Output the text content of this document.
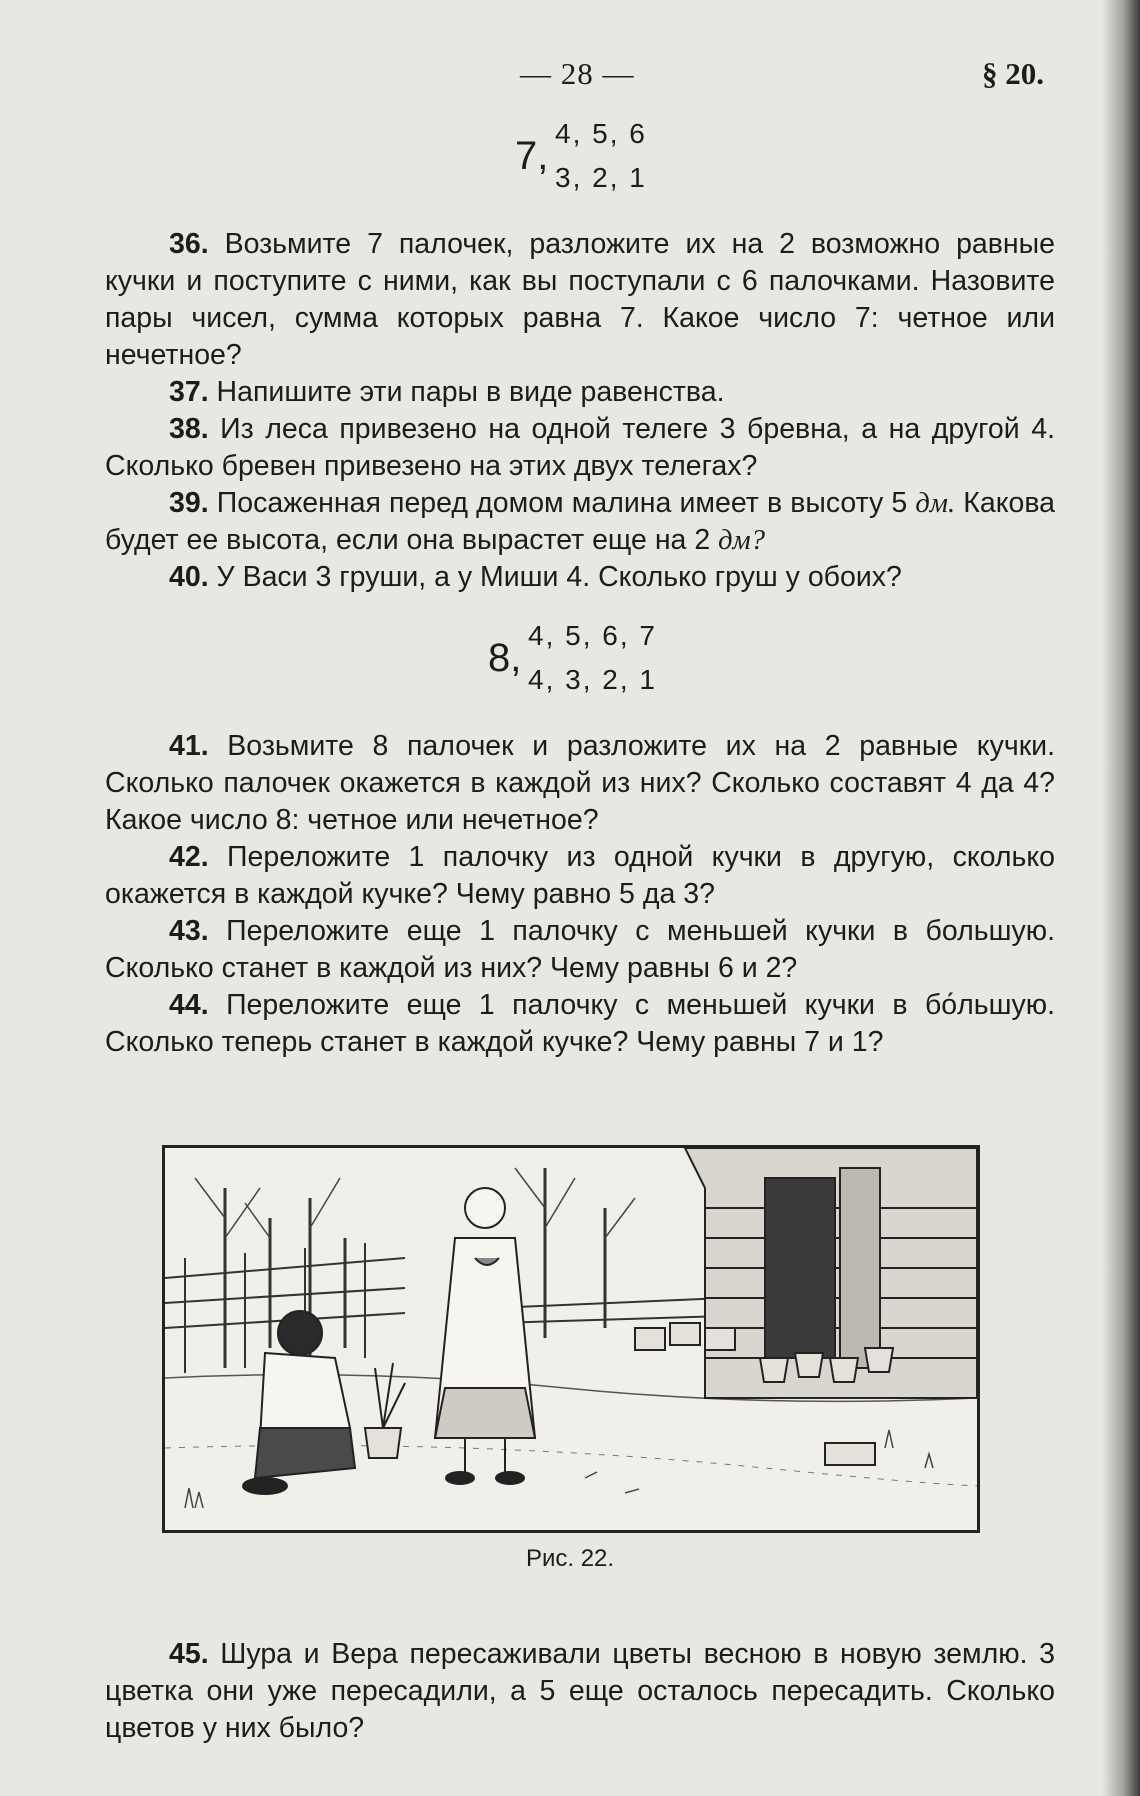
— 28 —	§ 20.
7,
4, 5, 6
3, 2, 1

36. Возьмите 7 палочек, разложите их на 2 возможно равные кучки и поступите с ними, как вы поступали с 6 палочками. Назовите пары чисел, сумма которых равна 7. Какое число 7: четное или нечетное?

37. Напишите эти пары в виде равенства.

38. Из леса привезено на одной телеге 3 бревна, а на другой 4. Сколько бревен привезено на этих двух телегах?

39. Посаженная перед домом малина имеет в высоту 5 дм. Какова будет ее высота, если она вырастет еще на 2 дм?

40. У Васи 3 груши, а у Миши 4. Сколько груш у обоих?

8,
4, 5, 6, 7
4, 3, 2, 1

41. Возьмите 8 палочек и разложите их на 2 равные кучки. Сколько палочек окажется в каждой из них? Сколько составят 4 да 4? Какое число 8: четное или нечетное?

42. Переложите 1 палочку из одной кучки в другую, сколько окажется в каждой кучке? Чему равно 5 да 3?

43. Переложите еще 1 палочку с меньшей кучки в большую. Сколько станет в каждой из них? Чему равны 6 и 2?

44. Переложите еще 1 палочку с меньшей кучки в бо́льшую. Сколько теперь станет в каждой кучке? Чему равны 7 и 1?

Рис. 22.

45. Шура и Вера пересаживали цветы весною в новую землю. 3 цветка они уже пересадили, а 5 еще осталось пересадить. Сколько цветов у них было?
